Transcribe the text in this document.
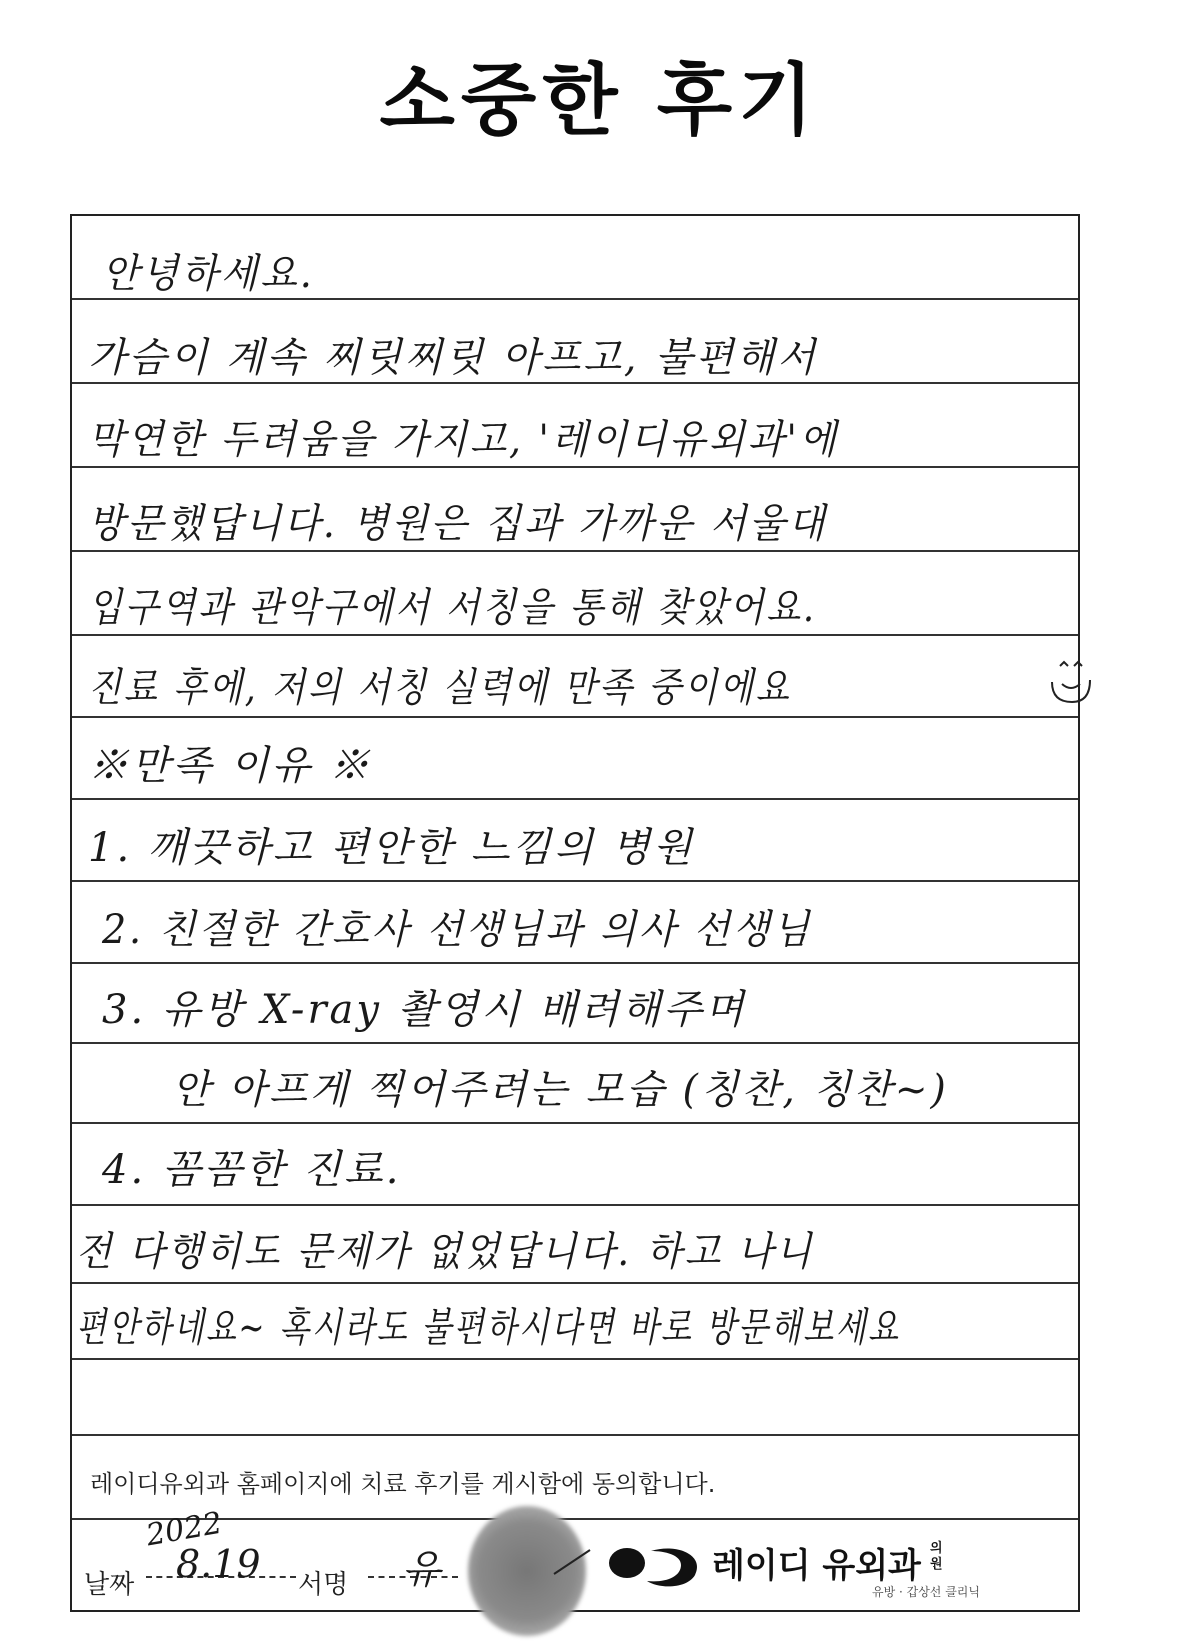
소중한 후기
안녕하세요.
가슴이 계속 찌릿찌릿 아프고, 불편해서
막연한 두려움을 가지고, '레이디유외과'에
방문했답니다. 병원은 집과 가까운 서울대
입구역과 관악구에서 서칭을 통해 찾았어요.
진료 후에, 저의 서칭 실력에 만족 중이에요
※만족 이유 ※
1. 깨끗하고 편안한 느낌의 병원
2. 친절한 간호사 선생님과 의사 선생님
3. 유방 X-ray 촬영시 배려해주며
안 아프게 찍어주려는 모습 (칭찬, 칭찬~)
4. 꼼꼼한 진료.
전 다행히도 문제가 없었답니다. 하고 나니
편안하네요~ 혹시라도 불편하시다면 바로 방문해보세요
레이디유외과 홈페이지에 치료 후기를 게시함에 동의합니다.
날짜
2022
8.19 서명 유	레이디 유외과 의
원
유방 · 갑상선 클리닉
